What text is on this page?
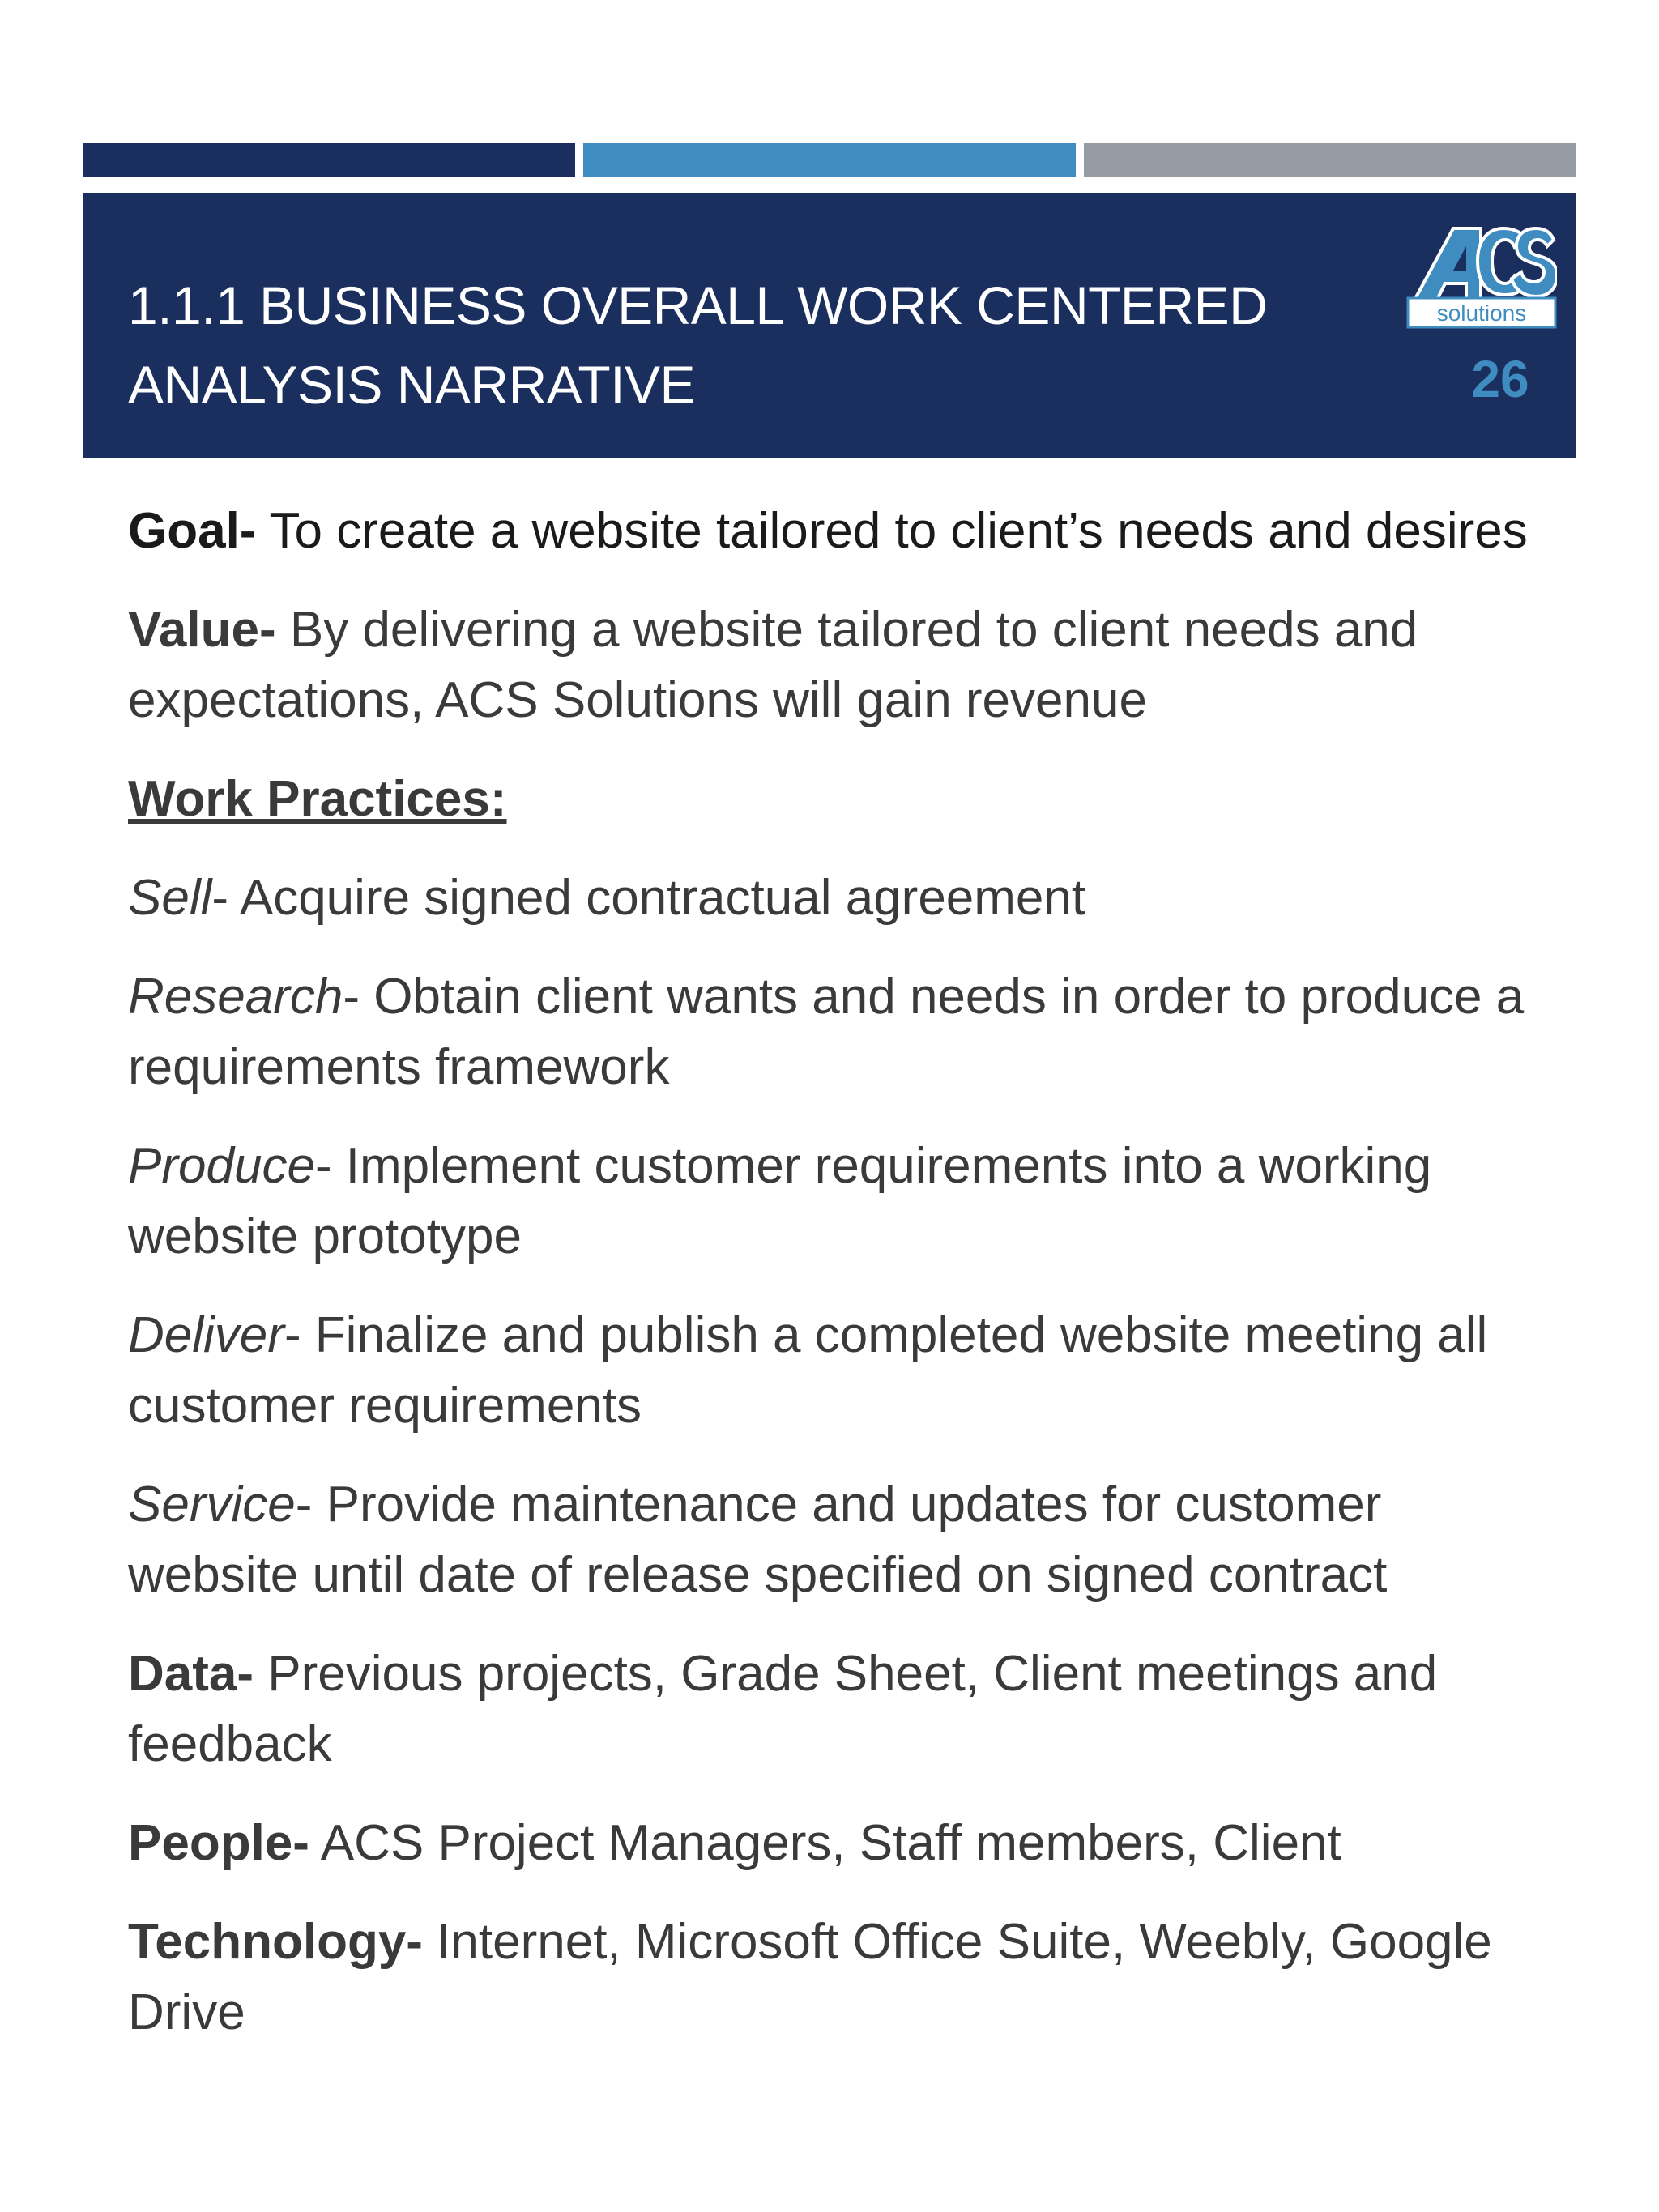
1.1.1 BUSINESS OVERALL WORK CENTERED
ANALYSIS NARRATIVE
solutions
26

Goal- To create a website tailored to client’s needs and desires

Value- By delivering a website tailored to client needs and expectations, ACS Solutions will gain revenue

Work Practices:

Sell- Acquire signed contractual agreement

Research- Obtain client wants and needs in order to produce a requirements framework

Produce- Implement customer requirements into a working website prototype

Deliver- Finalize and publish a completed website meeting all customer requirements

Service- Provide maintenance and updates for customer website until date of release specified on signed contract

Data- Previous projects, Grade Sheet, Client meetings and feedback

People- ACS Project Managers, Staff members, Client

Technology- Internet, Microsoft Office Suite, Weebly, Google Drive
